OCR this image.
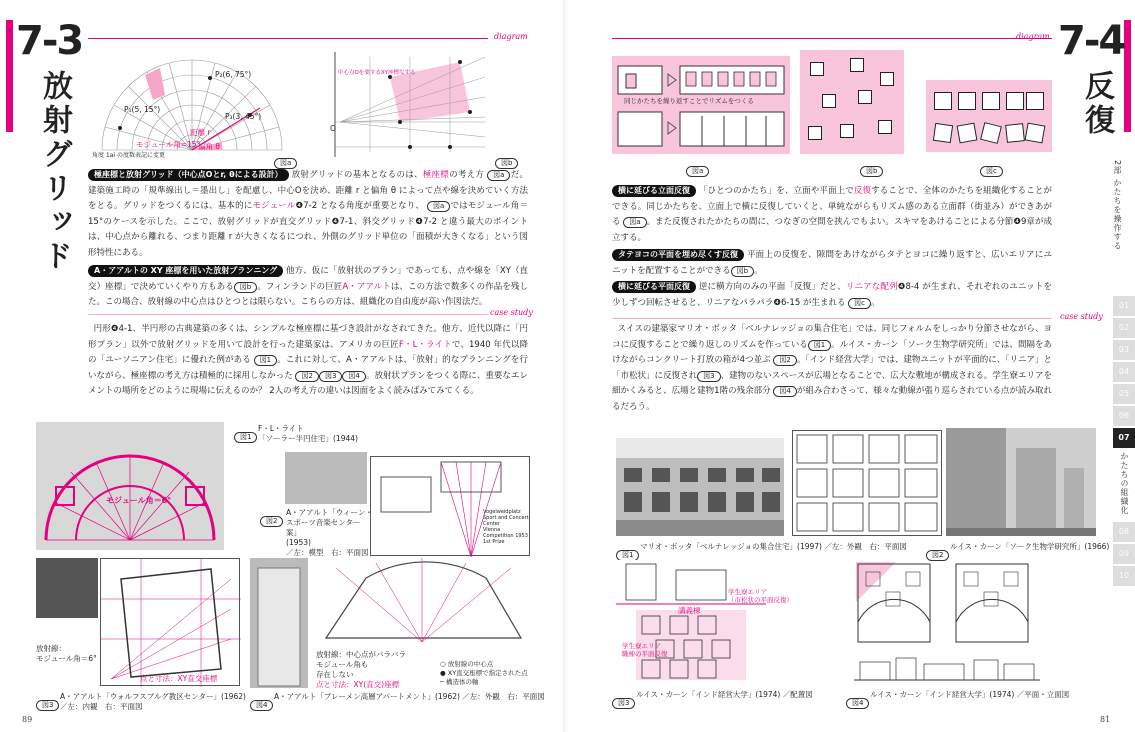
7-3
放射グリッド
diagram
P₁(5, 15°)
P₂(6, 75°)
P₃(3, 45°)
距離 r
偏角 θ
モジュール角=15°
角度 1ai の度数表記に変更
図a
中心点Oを要するXY座標なする
O
図b
極座標と放射グリッド（中心点Oとr, θによる設計） 放射グリッドの基本となるのは、極座標の考え方 図a だ。建築施工時の「規準線出し＝墨出し」を配慮し、中心Oを決め、距離 r と偏角 θ によって点や線を決めていく方法をとる。グリッドをつくるには、基本的にモジュール❹7-2 となる角度が重要となり、 図a ではモジュール角＝15°のケースを示した。ここで、放射グリッドが直交グリッド❹7-1、斜交グリッド❹7-2 と違う最大のポイントは、中心点から離れる、つまり距離 r が大きくなるにつれ、外側のグリッド単位の「面積が大きくなる」という図形特性にある。
A・アアルトの XY 座標を用いた放射プランニング 他方、仮に「放射状のプラン」であっても、点や線を「XY（直交）座標」で決めていくやり方もある 図b 。フィンランドの巨匠A・アアルトは、この方法で数多くの作品を残した。この場合、放射線の中心点はひとつとは限らない。こちらの方は、組織化の自由度が高い作図法だ。
case study
円形❹4-1、半円形の古典建築の多くは、シンプルな極座標に基づき設計がなされてきた。他方、近代以降に「円形プラン」以外で放射グリッドを用いて設計を行った建築家は、アメリカの巨匠F・L・ライトで、1940 年代以降の「ユーソニアン住宅」に優れた例がある 図1 。これに対して、A・アアルトは、「放射」的なプランニングを行いながら、極座標の考え方は積極的に採用しなかった 図2 図3 図4 。放射状プランをつくる際に、重要なエレメントの場所をどのように現場に伝えるのか？ 2人の考え方の違いは図面をよく読みばみてみてくる。
モジュール角＝6°
図1
F・L・ライト
「ソーラー半円住宅」(1944)
Vogelweidplatz
Sport and Concert Center
Vienna
Competition 1953
1st Prize
図2
A・アアルト「ウィーン・スポーツ音楽センター案」
(1953)
／左：模型　右：平面図
放射線：
モジュール角＝6°
点と寸法：XY直交座標
図3
A・アアルト「ウォルフスブルグ教区センター」(1962)
／左：内観　右：平面図
放射線：中心点がバラバラ
モジュール角も
存在しない
点と寸法：XY(直交)座標
○ 放射線の中心点
● XY直交座標で指定された点
─ 構造体の軸
図4
A・アアルト「ブレーメン高層アパートメント」(1962) ／左：外観　右：平面図
89
7-4
反復
diagram
同じかたちを繰り返すことでリズムをつくる
図a	図b	図c
横に延びる立面反復 「ひとつのかたち」を、立面や平面上で反復することで、全体のかたちを組織化することができる。同じかたちを、立面上で横に反復していくと、単純ながらもリズム感のある立面群（街並み）ができあがる 図a 。また反復されたかたちの間に、つなぎの空間を挟んでもよい。スキマをあけることによる分節❹9章が成立する。
タテヨコの平面を埋め尽くす反復 平面上の反復を、隙間をあけながらタテとヨコに繰り返すと、広いエリアにユニットを配置することができる 図b 。
横に延びる平面反復 逆に横方向のみの平面「反復」だと、リニアな配列❹8-4 が生まれ、それぞれのユニットを少しずつ回転させると、リニアなパラパラ❹6-15 が生まれる 図c 。
case study
スイスの建築家マリオ・ボッタ「ベルナレッジョの集合住宅」では、同じフォルムをしっかり分節させながら、ヨコに反復することで繰り返しのリズムを作っている 図1 。ルイス・カーン「ソーク生物学研究所」では、間隔をあけながらコンクリート打放の箱が4つ並ぶ 図2 。「インド経営大学」では、建物ユニットが平面的に、「リニア」と「市松状」に反復され 図3 、建物のないスペースが広場となることで、広大な敷地が構成される。学生寮エリアを細かくみると、広場と建物1階の残余部分 図4 が組み合わさって、様々な動線が張り巡らされている点が読み取れるだろう。
図1
マリオ・ボッタ「ベルナレッジョの集合住宅」(1997) ／左：外観　右：平面図
図2
ルイス・カーン「ソーク生物学研究所」(1966)
講義棟
学生寮エリア
職棟の平面反復
学生寮エリア
（市松状の平面反復）
図3
ルイス・カーン「インド経営大学」(1974) ／配置図
図4
ルイス・カーン「インド経営大学」(1974) ／平面・立面図
2部 かたちを操作する
01
02
03
04
05
06
07
かたちの組織化
08
09
10
81
